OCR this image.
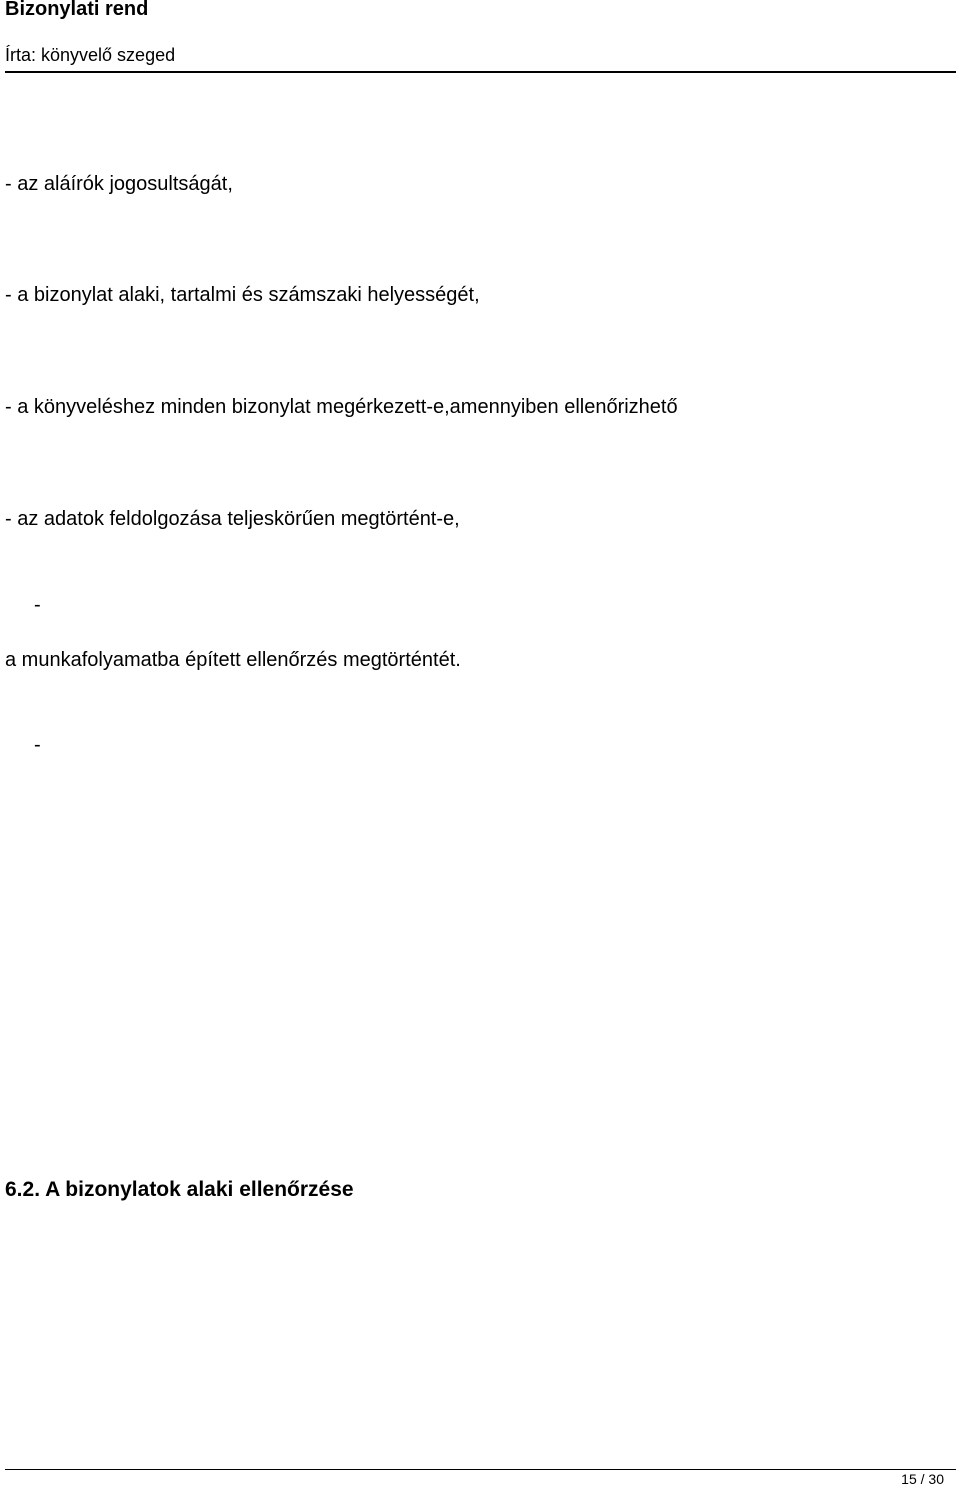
Bizonylati rend
Írta: könyvelő szeged
- az aláírók jogosultságát,
- a bizonylat alaki, tartalmi és számszaki helyességét,
- a könyveléshez minden bizonylat megérkezett-e,amennyiben ellenőrizhető
- az adatok feldolgozása teljeskörűen megtörtént-e,
-
a munkafolyamatba épített ellenőrzés megtörténtét.
-
6.2. A bizonylatok alaki ellenőrzése
15 / 30
